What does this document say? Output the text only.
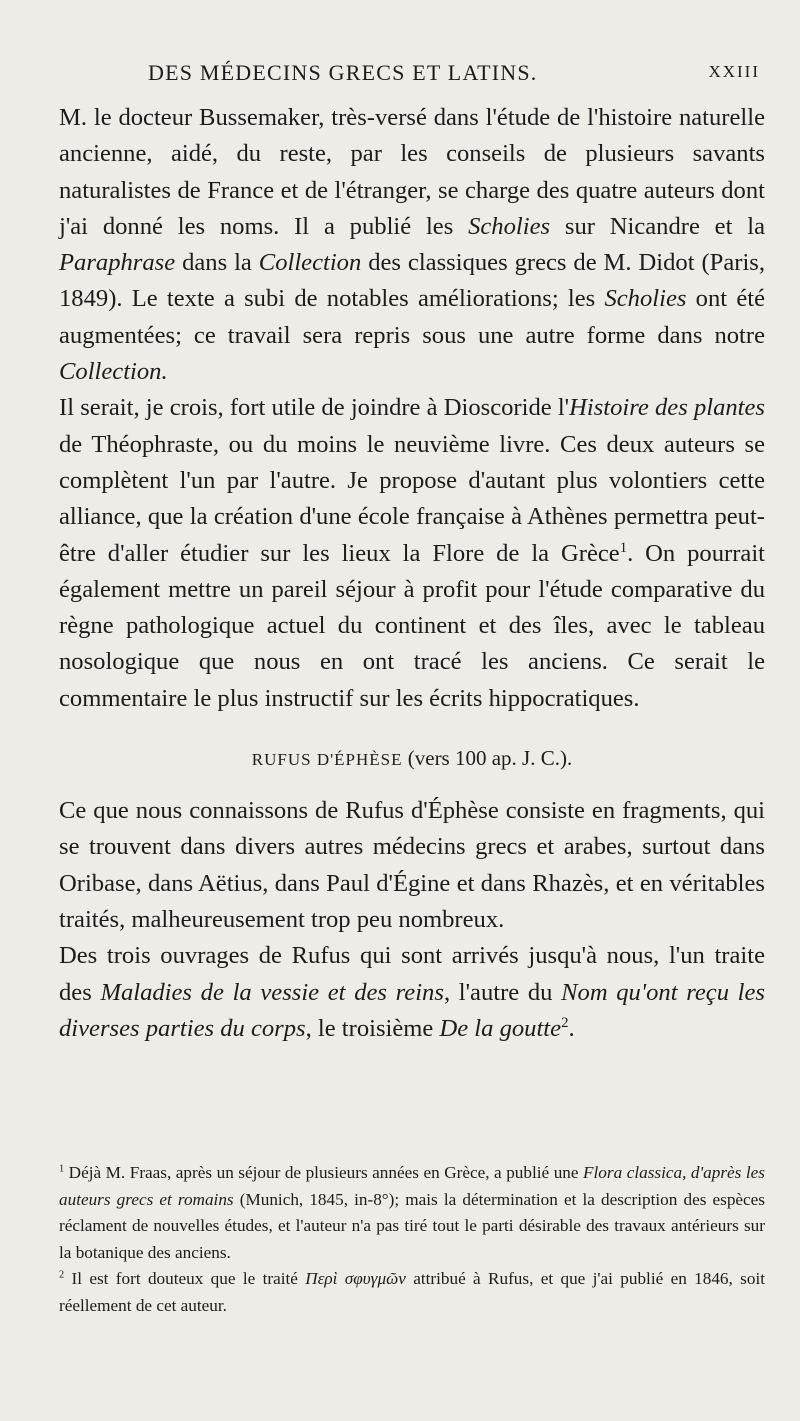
DES MÉDECINS GRECS ET LATINS.	XXIII

M. le docteur Bussemaker, très-versé dans l'étude de l'histoire naturelle ancienne, aidé, du reste, par les conseils de plusieurs savants naturalistes de France et de l'étranger, se charge des quatre auteurs dont j'ai donné les noms. Il a publié les Scholies sur Nicandre et la Paraphrase dans la Collection des classiques grecs de M. Didot (Paris, 1849). Le texte a subi de notables améliorations; les Scholies ont été augmentées; ce travail sera repris sous une autre forme dans notre Collection.

Il serait, je crois, fort utile de joindre à Dioscoride l'Histoire des plantes de Théophraste, ou du moins le neuvième livre. Ces deux auteurs se complètent l'un par l'autre. Je propose d'autant plus volontiers cette alliance, que la création d'une école française à Athènes permettra peut-être d'aller étudier sur les lieux la Flore de la Grèce$^1$. On pourrait également mettre un pareil séjour à profit pour l'étude comparative du règne pathologique actuel du continent et des îles, avec le tableau nosologique que nous en ont tracé les anciens. Ce serait le commentaire le plus instructif sur les écrits hippocratiques.

RUFUS D'ÉPHÈSE (vers 100 ap. J. C.).

Ce que nous connaissons de Rufus d'Éphèse consiste en fragments, qui se trouvent dans divers autres médecins grecs et arabes, surtout dans Oribase, dans Aëtius, dans Paul d'Égine et dans Rhazès, et en véritables traités, malheureusement trop peu nombreux.

Des trois ouvrages de Rufus qui sont arrivés jusqu'à nous, l'un traite des Maladies de la vessie et des reins, l'autre du Nom qu'ont reçu les diverses parties du corps, le troisième De la goutte$^2$.

$^1$ Déjà M. Fraas, après un séjour de plusieurs années en Grèce, a publié une Flora classica, d'après les auteurs grecs et romains (Munich, 1845, in-8°); mais la détermination et la description des espèces réclament de nouvelles études, et l'auteur n'a pas tiré tout le parti désirable des travaux antérieurs sur la botanique des anciens.

$^2$ Il est fort douteux que le traité Περὶ σφυγμῶν attribué à Rufus, et que j'ai publié en 1846, soit réellement de cet auteur.
